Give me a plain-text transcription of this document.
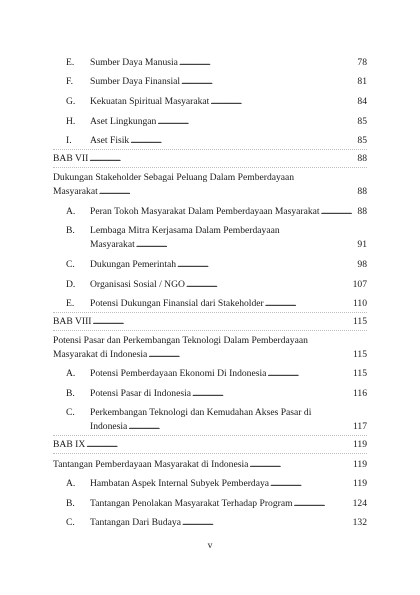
E.	Sumber Daya Manusia . . .	78
F.	Sumber Daya Finansial . . .	81
G.	Kekuatan Spiritual Masyarakat . . .	84
H.	Aset Lingkungan . . .	85
I.	Aset Fisik . . .	85
BAB VII . . .	88
Dukungan Stakeholder Sebagai Peluang Dalam Pemberdayaan
Masyarakat . . .	88
A.	Peran Tokoh Masyarakat Dalam Pemberdayaan Masyarakat . . .	88
B.	Lembaga Mitra Kerjasama Dalam Pemberdayaan
Masyarakat . . .	91
C.	Dukungan Pemerintah . . .	98
D.	Organisasi Sosial / NGO . . .	107
E.	Potensi Dukungan Finansial dari Stakeholder . . .	110
BAB VIII . . .	115
Potensi Pasar dan Perkembangan Teknologi Dalam Pemberdayaan
Masyarakat di Indonesia . . .	115
A.	Potensi Pemberdayaan Ekonomi Di Indonesia . . .	115
B.	Potensi Pasar di Indonesia . . .	116
C.	Perkembangan Teknologi dan Kemudahan Akses Pasar di
Indonesia . . .	117
BAB IX . . .	119
Tantangan Pemberdayaan Masyarakat di Indonesia . . .	119
A.	Hambatan Aspek Internal Subyek Pemberdaya . . .	119
B.	Tantangan Penolakan Masyarakat Terhadap Program . . .	124
C.	Tantangan Dari Budaya . . .	132
v
